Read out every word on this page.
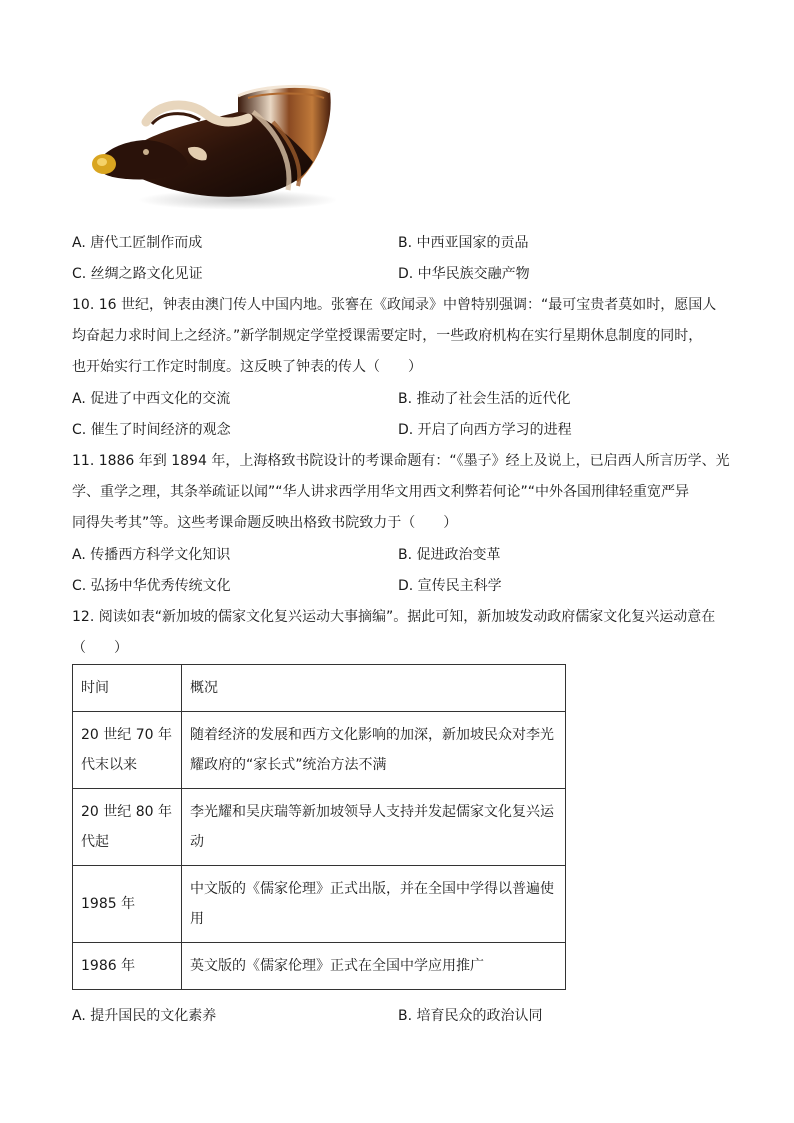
A. 唐代工匠制作而成	B. 中西亚国家的贡品
C. 丝绸之路文化见证	D. 中华民族交融产物
10. 16 世纪，钟表由澳门传人中国内地。张謇在《政闻录》中曾特别强调：“最可宝贵者莫如时，愿国人
均奋起力求时间上之经济。”新学制规定学堂授课需要定时，一些政府机构在实行星期休息制度的同时，
也开始实行工作定时制度。这反映了钟表的传人（　　）
A. 促进了中西文化的交流	B. 推动了社会生活的近代化
C. 催生了时间经济的观念	D. 开启了向西方学习的进程
11. 1886 年到 1894 年，上海格致书院设计的考课命题有：“《墨子》经上及说上，已启西人所言历学、光
学、重学之理，其条举疏证以闻”“华人讲求西学用华文用西文利弊若何论”“中外各国刑律轻重宽严异
同得失考其”等。这些考课命题反映出格致书院致力于（　　）
A. 传播西方科学文化知识	B. 促进政治变革
C. 弘扬中华优秀传统文化	D. 宣传民主科学
12. 阅读如表“新加坡的儒家文化复兴运动大事摘编”。据此可知，新加坡发动政府儒家文化复兴运动意在
（　　）
时间	概况
20 世纪 70 年代末以来	随着经济的发展和西方文化影响的加深，新加坡民众对李光耀政府的“家长式”统治方法不满
20 世纪 80 年代起	李光耀和吴庆瑞等新加坡领导人支持并发起儒家文化复兴运动
1985 年	中文版的《儒家伦理》正式出版，并在全国中学得以普遍使用
1986 年	英文版的《儒家伦理》正式在全国中学应用推广
A. 提升国民的文化素养	B. 培育民众的政治认同
